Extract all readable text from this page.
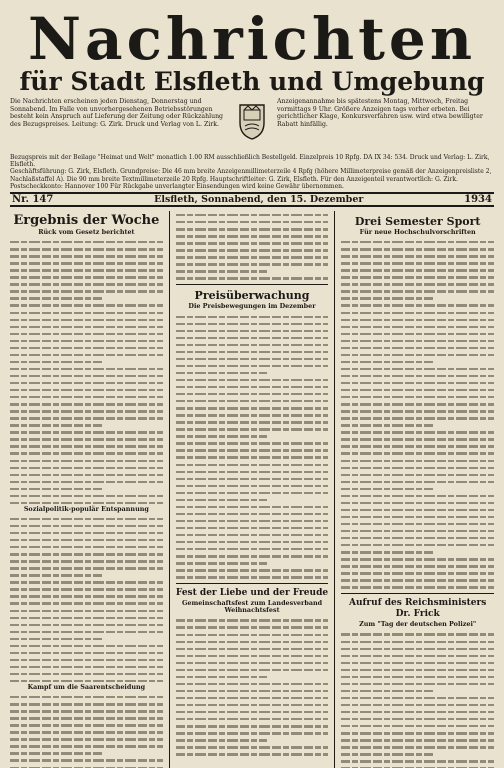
Nachrichten
für Stadt Elsfleth und Umgebung
Die Nachrichten erscheinen jeden Dienstag, Donnerstag und Sonnabend. Im Falle von unvorhergesehenen Betriebsstörungen besteht kein Anspruch auf Lieferung der Zeitung oder Rückzahlung des Bezugspreises. Leitung: G. Zirk. Druck und Verlag von L. Zirk.
Anzeigenannahme bis spätestens Montag, Mittwoch, Freitag vormittags 9 Uhr. Größere Anzeigen tags vorher erbeten. Bei gerichtlicher Klage, Konkursverfahren usw. wird etwa bewilligter Rabatt hinfällig.
Bezugspreis mit der Beilage "Heimat und Welt" monatlich 1.00 RM ausschließlich Bestellgeld. Einzelpreis 10 Rpfg. DA IX 34: 534. Druck und Verlag: L. Zirk, Elsfleth.
Geschäftsführung: G. Zirk, Elsfleth. Grundpreise: Die 46 mm breite Anzeigenmillimeterzeile 4 Rpfg (höhere Millimeterpreise gemäß der Anzeigenpreisliste 2, Nachlaßstaffel A). Die 90 mm breite Textmillimeterzeile 20 Rpfg. Hauptschriftleiter: G. Zirk, Elsfleth. Für den Anzeigenteil verantwortlich: G. Zirk.
Postscheckkonto: Hannover 100 Für Rückgabe unverlangter Einsendungen wird keine Gewähr übernommen.
Nr. 147	Elsfleth, Sonnabend, den 15. Dezember	1934
Ergebnis der Woche
Rück vom Gesetz berichtet
Sozialpolitik-populär Entspannung
Kampf um die Saarentscheidung
Preisüberwachung
Die Preisbewegungen im Dezember
Fest der Liebe und der Freude
Gemeinschaftsfest zum Landesverband Weihnachtsfest
Drei Semester Sport
Für neue Hochschulvorschriften
Aufruf des Reichsministers Dr. Frick
Zum "Tag der deutschen Polizei"
